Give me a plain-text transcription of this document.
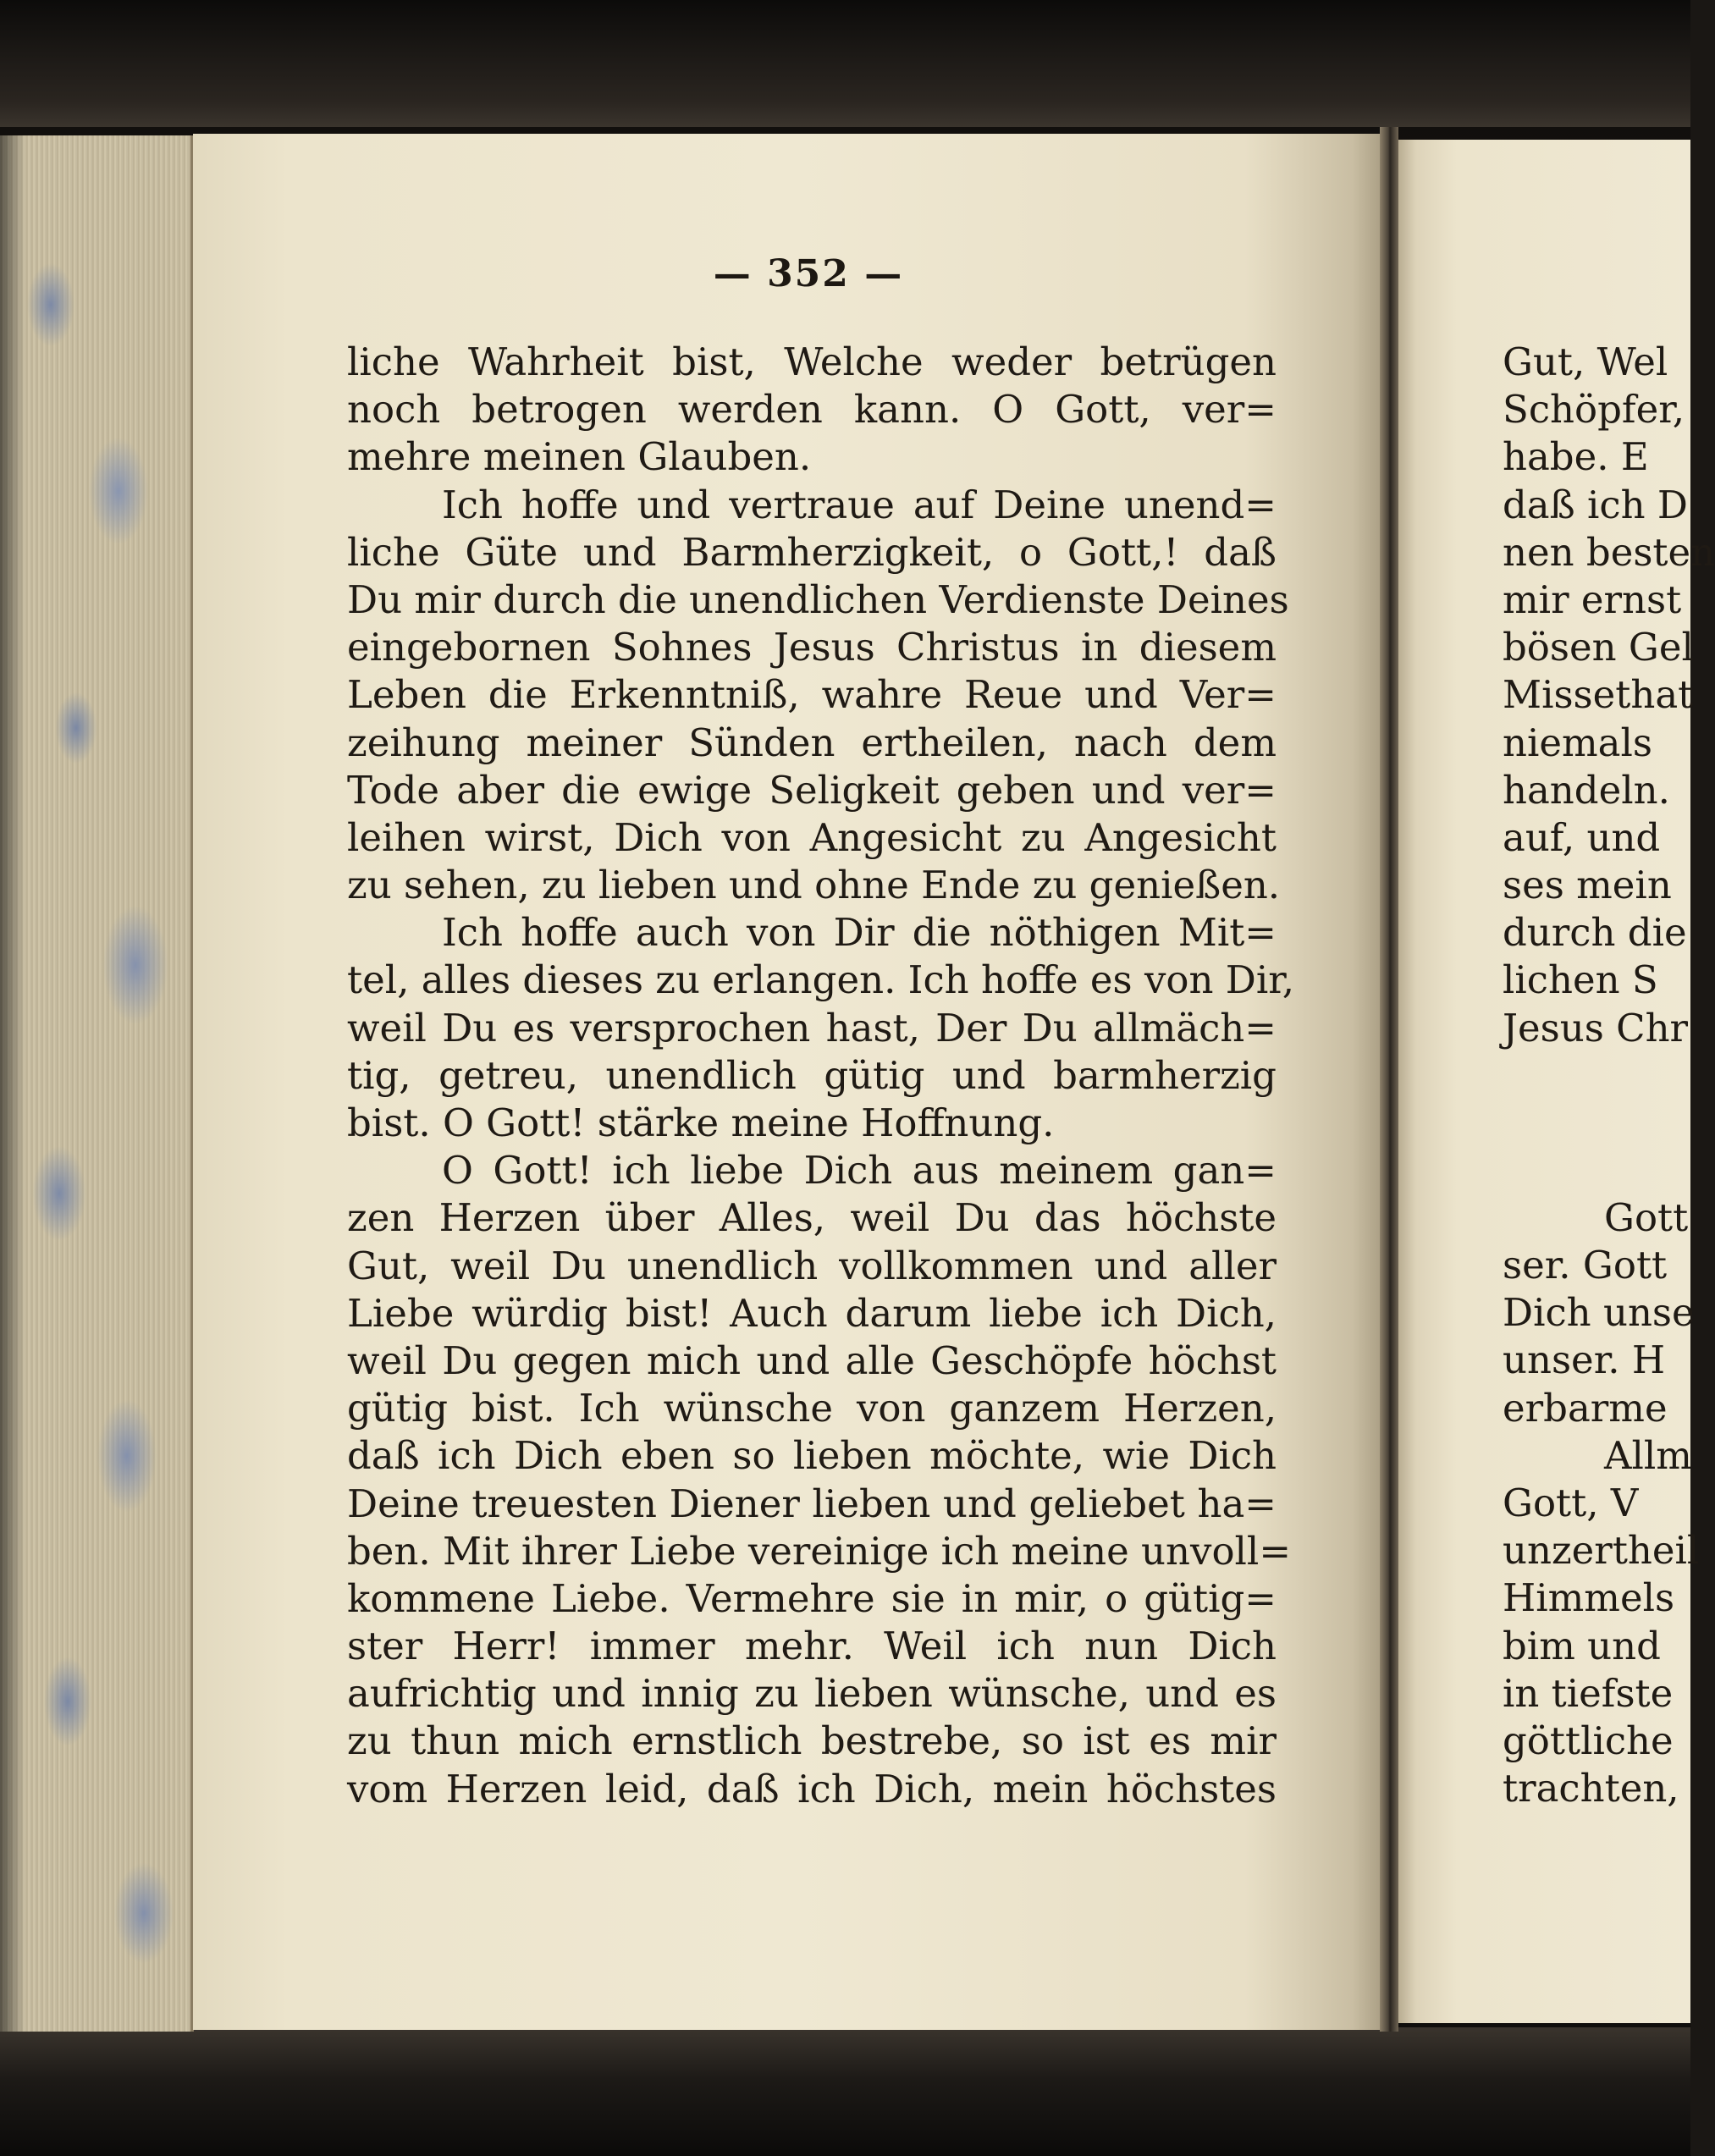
— 352 —
liche Wahrheit bist, Welche weder betrügen
noch betrogen werden kann. O Gott, ver=
mehre meinen Glauben.
Ich hoffe und vertraue auf Deine unend=
liche Güte und Barmherzigkeit, o Gott,! daß
Du mir durch die unendlichen Verdienste Deines
eingebornen Sohnes Jesus Christus in diesem
Leben die Erkenntniß, wahre Reue und Ver=
zeihung meiner Sünden ertheilen, nach dem
Tode aber die ewige Seligkeit geben und ver=
leihen wirst, Dich von Angesicht zu Angesicht
zu sehen, zu lieben und ohne Ende zu genießen.
Ich hoffe auch von Dir die nöthigen Mit=
tel, alles dieses zu erlangen. Ich hoffe es von Dir,
weil Du es versprochen hast, Der Du allmäch=
tig, getreu, unendlich gütig und barmherzig
bist. O Gott! stärke meine Hoffnung.
O Gott! ich liebe Dich aus meinem gan=
zen Herzen über Alles, weil Du das höchste
Gut, weil Du unendlich vollkommen und aller
Liebe würdig bist! Auch darum liebe ich Dich,
weil Du gegen mich und alle Geschöpfe höchst
gütig bist. Ich wünsche von ganzem Herzen,
daß ich Dich eben so lieben möchte, wie Dich
Deine treuesten Diener lieben und geliebet ha=
ben. Mit ihrer Liebe vereinige ich meine unvoll=
kommene Liebe. Vermehre sie in mir, o gütig=
ster Herr! immer mehr. Weil ich nun Dich
aufrichtig und innig zu lieben wünsche, und es
zu thun mich ernstlich bestrebe, so ist es mir
vom Herzen leid, daß ich Dich, mein höchstes
Gut, Wel
Schöpfer,
habe. E
daß ich D
nen besten
mir ernst
bösen Gel
Missethat
niemals
handeln.
auf, und
ses mein
durch die
lichen S
Jesus Chr
Gott
ser. Gott
Dich unse
unser. H
erbarme
Allm
Gott, V
unzertheil
Himmels
bim und
in tiefste
göttliche
trachten,
